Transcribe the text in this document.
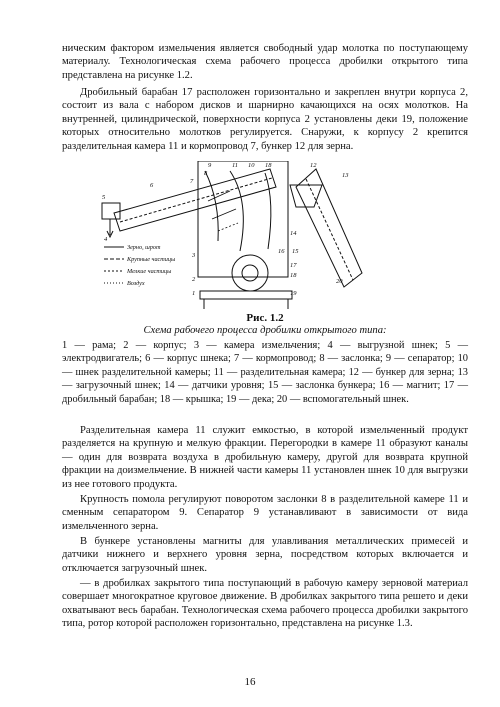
ническим фактором измельчения является свободный удар молотка по поступающему материалу. Технологическая схема рабочего процесса дробилки открытого типа представлена на рисунке 1.2.
Дробильный барабан 17 расположен горизонтально и закреплен внутри корпуса 2, состоит из вала с набором дисков и шарнирно качающихся на осях молотков. На внутренней, цилиндрической, поверхности корпуса 2 установлены деки 19, положение которых относительно молотков регулируется. Снаружи, к корпусу 2 крепится разделительная камера 11 и кормопровод 7, бункер 12 для зерна.
Зерно, шрот
Крупные частицы
Мелкие частицы
Воздух
5
4
6
7
9
8
11 10 18	12
13
14
15
16
3
17
18
2
1	19
20
Рис. 1.2
Схема рабочего процесса дробилки открытого типа:
1 — рама; 2 — корпус; 3 — камера измельчения; 4 — выгрузной шнек; 5 — электродвигатель; 6 — корпус шнека; 7 — кормопровод; 8 — заслонка; 9 — сепаратор; 10 — шнек разделительной камеры; 11 — разделительная камера; 12 — бункер для зерна; 13 — загрузочный шнек; 14 — датчики уровня; 15 — заслонка бункера; 16 — магнит; 17 — дробильный барабан; 18 — крышка; 19 — дека; 20 — вспомогательный шнек.
Разделительная камера 11 служит емкостью, в которой измельченный продукт разделяется на крупную и мелкую фракции. Перегородки в камере 11 образуют каналы — один для возврата воздуха в дробильную камеру, другой для возврата крупной фракции на доизмельчение. В нижней части камеры 11 установлен шнек 10 для выгрузки из нее готового продукта.
Крупность помола регулируют поворотом заслонки 8 в разделительной камере 11 и сменным сепаратором 9. Сепаратор 9 устанавливают в зависимости от вида измельченного зерна.
В бункере установлены магниты для улавливания металлических примесей и датчики нижнего и верхнего уровня зерна, посредством которых включается и отключается загрузочный шнек.
— в дробилках закрытого типа поступающий в рабочую камеру зерновой материал совершает многократное круговое движение. В дробилках закрытого типа решето и деки охватывают весь барабан. Технологическая схема рабочего процесса дробилки закрытого типа, ротор которой расположен горизонтально, представлена на рисунке 1.3.
16
